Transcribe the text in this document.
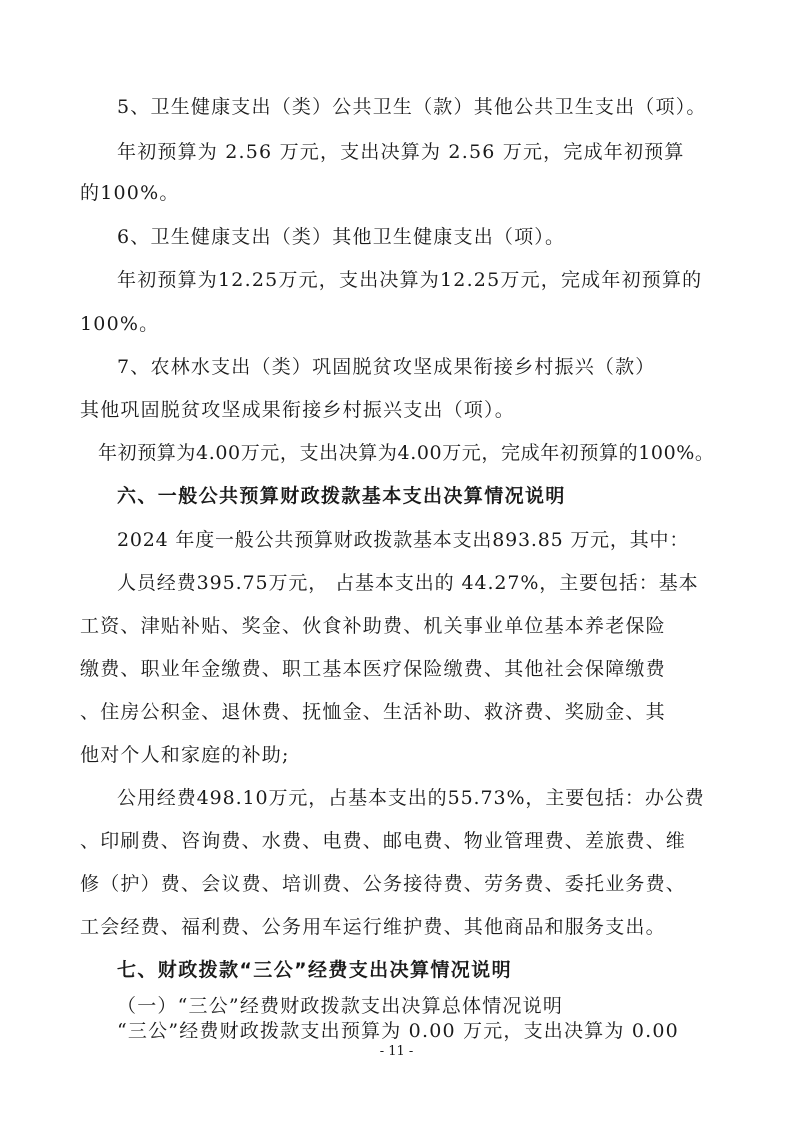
5、卫生健康支出（类）公共卫生（款）其他公共卫生支出（项）。
年初预算为 2.56 万元，支出决算为 2.56 万元，完成年初预算
的100%。
6、卫生健康支出（类）其他卫生健康支出（项）。
年初预算为12.25万元，支出决算为12.25万元，完成年初预算的
100%。
7、农林水支出（类）巩固脱贫攻坚成果衔接乡村振兴（款）
其他巩固脱贫攻坚成果衔接乡村振兴支出（项）。
年初预算为4.00万元，支出决算为4.00万元，完成年初预算的100%。
六、一般公共预算财政拨款基本支出决算情况说明
2024 年度一般公共预算财政拨款基本支出893.85 万元，其中：
人员经费395.75万元， 占基本支出的 44.27%，主要包括：基本
工资、津贴补贴、奖金、伙食补助费、机关事业单位基本养老保险
缴费、职业年金缴费、职工基本医疗保险缴费、其他社会保障缴费
、住房公积金、退休费、抚恤金、生活补助、救济费、奖励金、其
他对个人和家庭的补助;
公用经费498.10万元，占基本支出的55.73%，主要包括：办公费
、印刷费、咨询费、水费、电费、邮电费、物业管理费、差旅费、维
修（护）费、会议费、培训费、公务接待费、劳务费、委托业务费、
工会经费、福利费、公务用车运行维护费、其他商品和服务支出。
七、财政拨款“三公”经费支出决算情况说明
（一）“三公”经费财政拨款支出决算总体情况说明
“三公”经费财政拨款支出预算为 0.00 万元，支出决算为 0.00
- 11 -
